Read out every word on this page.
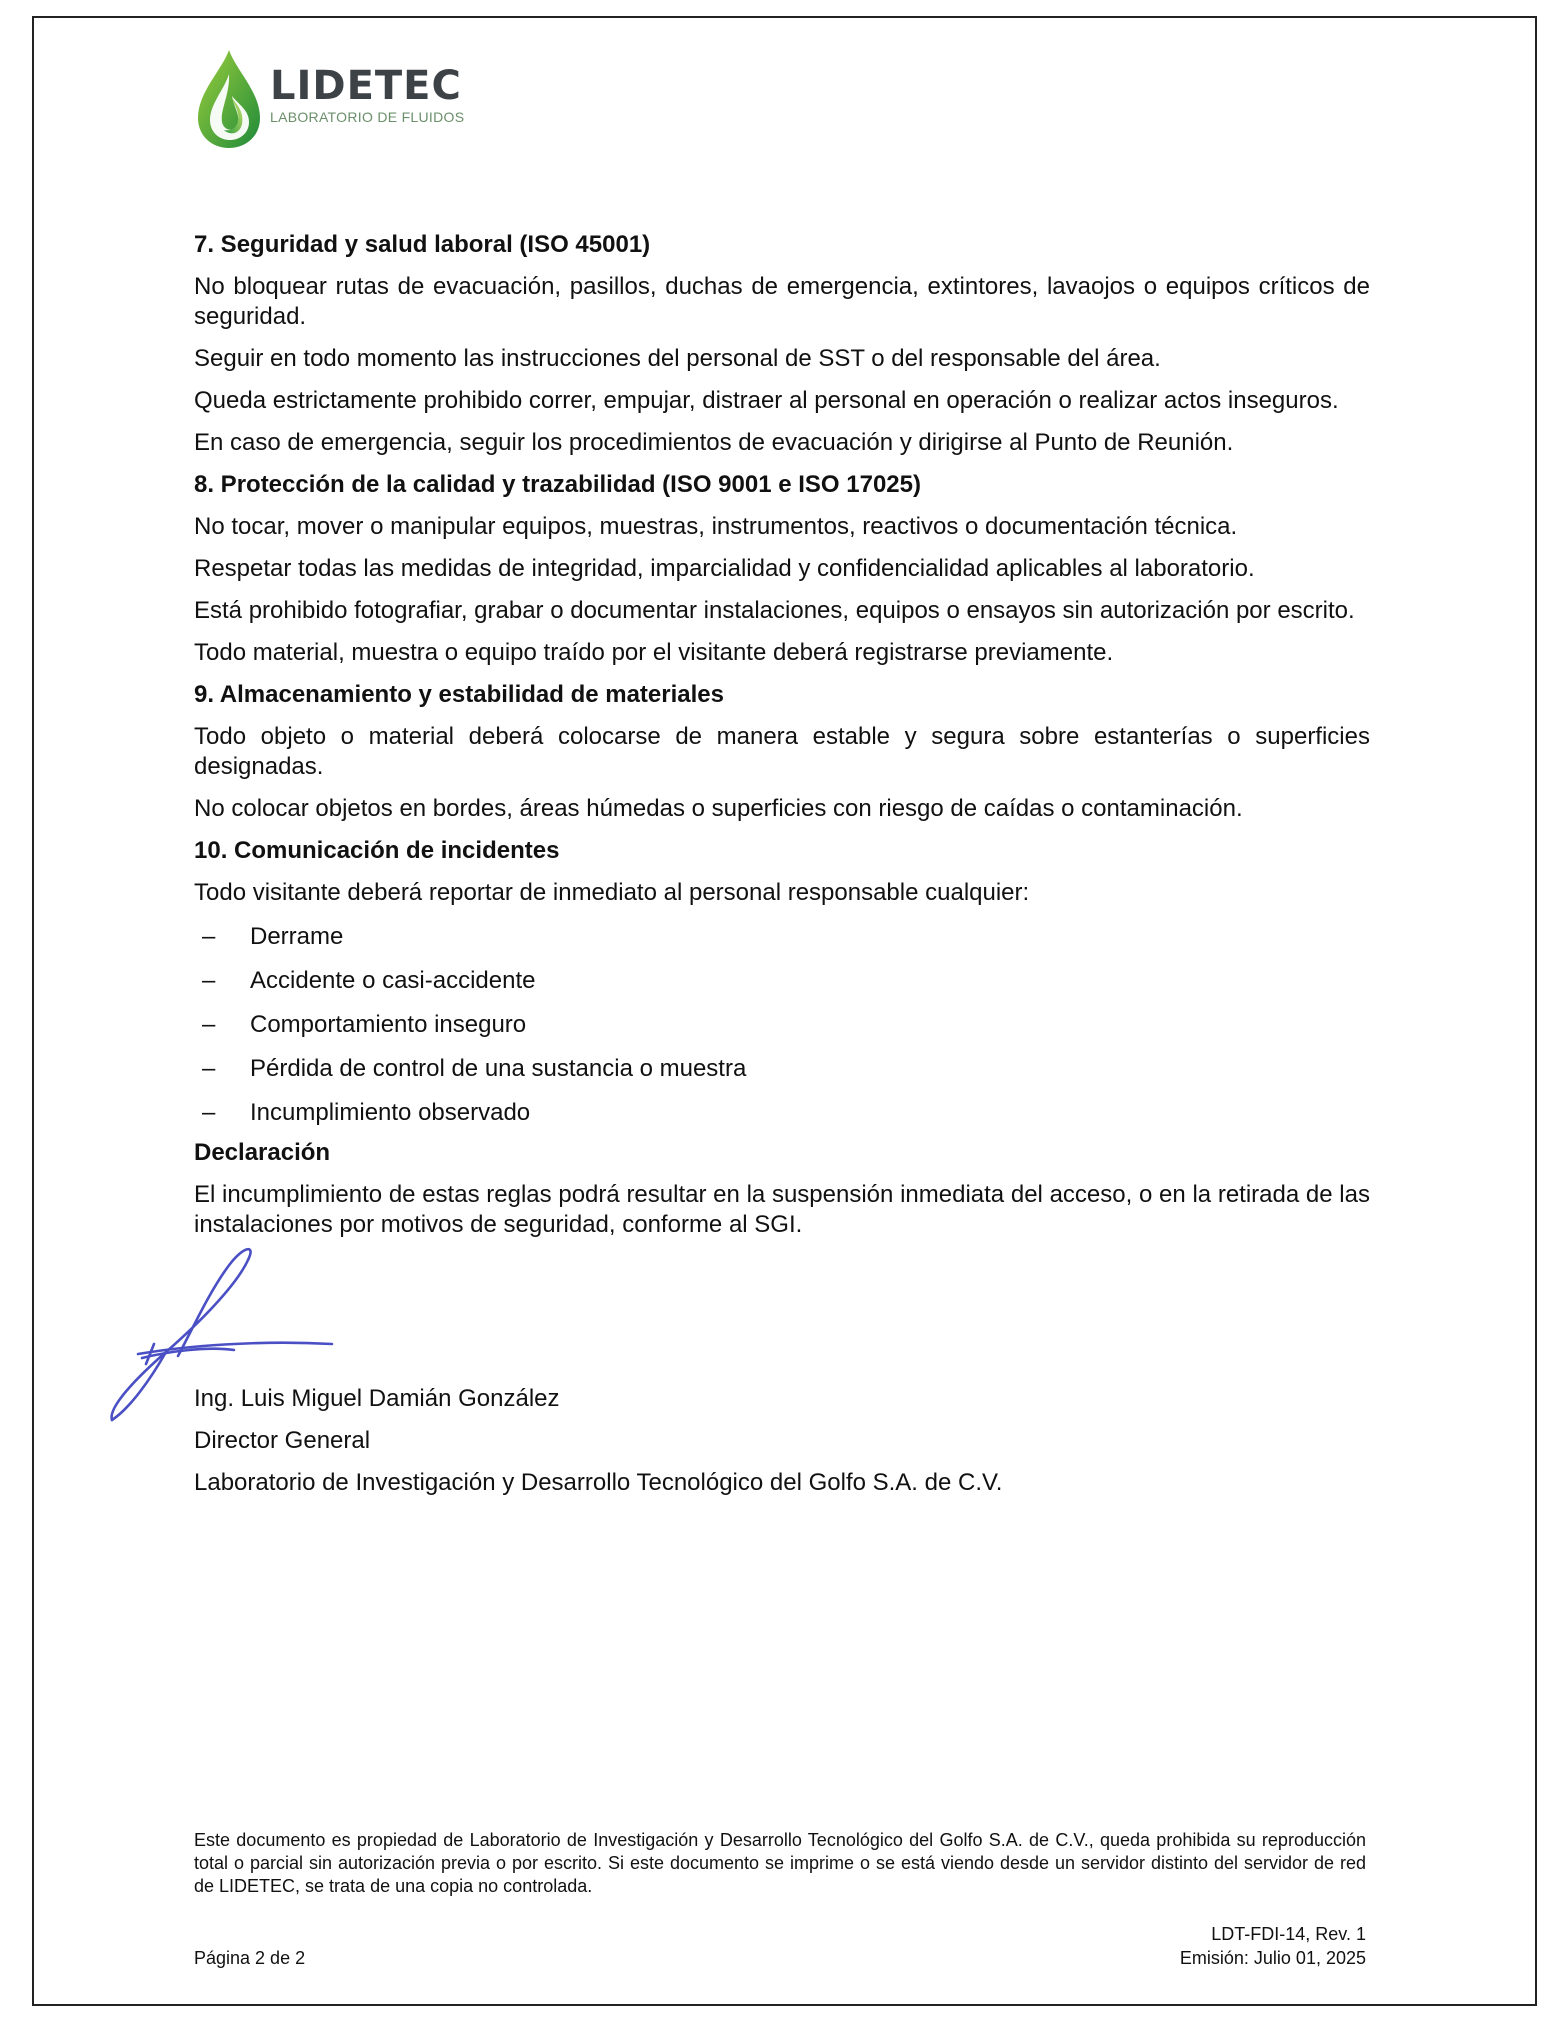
LIDETEC
LABORATORIO DE FLUIDOS
7. Seguridad y salud laboral (ISO 45001)
No bloquear rutas de evacuación, pasillos, duchas de emergencia, extintores, lavaojos o equipos críticos de seguridad.
Seguir en todo momento las instrucciones del personal de SST o del responsable del área.
Queda estrictamente prohibido correr, empujar, distraer al personal en operación o realizar actos inseguros.
En caso de emergencia, seguir los procedimientos de evacuación y dirigirse al Punto de Reunión.
8. Protección de la calidad y trazabilidad (ISO 9001 e ISO 17025)
No tocar, mover o manipular equipos, muestras, instrumentos, reactivos o documentación técnica.
Respetar todas las medidas de integridad, imparcialidad y confidencialidad aplicables al laboratorio.
Está prohibido fotografiar, grabar o documentar instalaciones, equipos o ensayos sin autorización por escrito.
Todo material, muestra o equipo traído por el visitante deberá registrarse previamente.
9. Almacenamiento y estabilidad de materiales
Todo objeto o material deberá colocarse de manera estable y segura sobre estanterías o superficies designadas.
No colocar objetos en bordes, áreas húmedas o superficies con riesgo de caídas o contaminación.
10. Comunicación de incidentes
Todo visitante deberá reportar de inmediato al personal responsable cualquier:
– Derrame
– Accidente o casi-accidente
– Comportamiento inseguro
– Pérdida de control de una sustancia o muestra
– Incumplimiento observado
Declaración
El incumplimiento de estas reglas podrá resultar en la suspensión inmediata del acceso, o en la retirada de las instalaciones por motivos de seguridad, conforme al SGI.
Ing. Luis Miguel Damián González
Director General
Laboratorio de Investigación y Desarrollo Tecnológico del Golfo S.A. de C.V.
Este documento es propiedad de Laboratorio de Investigación y Desarrollo Tecnológico del Golfo S.A. de C.V., queda prohibida su reproducción total o parcial sin autorización previa o por escrito. Si este documento se imprime o se está viendo desde un servidor distinto del servidor de red de LIDETEC, se trata de una copia no controlada.
Página 2 de 2
LDT-FDI-14, Rev. 1
Emisión: Julio 01, 2025
